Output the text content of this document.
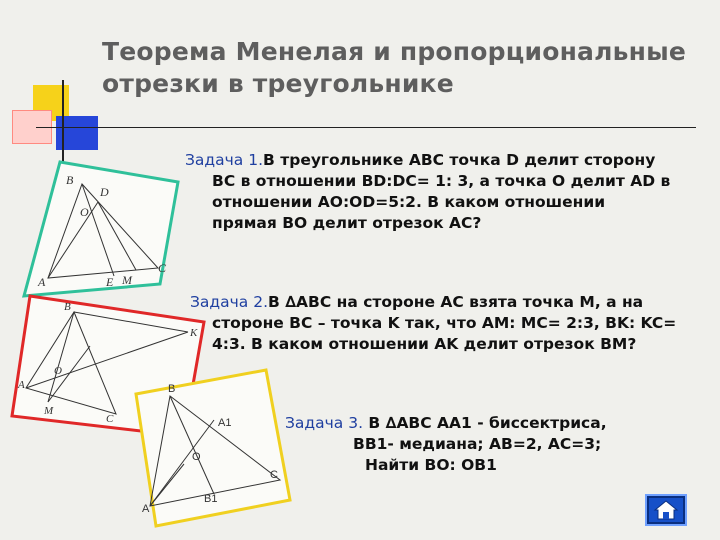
Теорема Менелая и пропорциональные
отрезки в треугольнике
Задача 1.В треугольнике ABC точка D делит сторону
BC в отношении BD:DC= 1: 3, а точка O делит AD в
отношении AO:OD=5:2. В каком отношении
прямая BO делит отрезок AC?
Задача 2.В ∆ABC на стороне AC взята точка M, а на
стороне BC – точка K так, что AM: MC= 2:3, BK: KC=
4:3. В каком отношении AK делит отрезок BM?
Задача 3. В ∆ABC AA1 - биссектриса,
BB1- медиана; AB=2, AC=3;
Найти BO: OB1
B
D
O
A	E M
C
B
A
M
C
K
O
B
A1
O
C
A
B1
